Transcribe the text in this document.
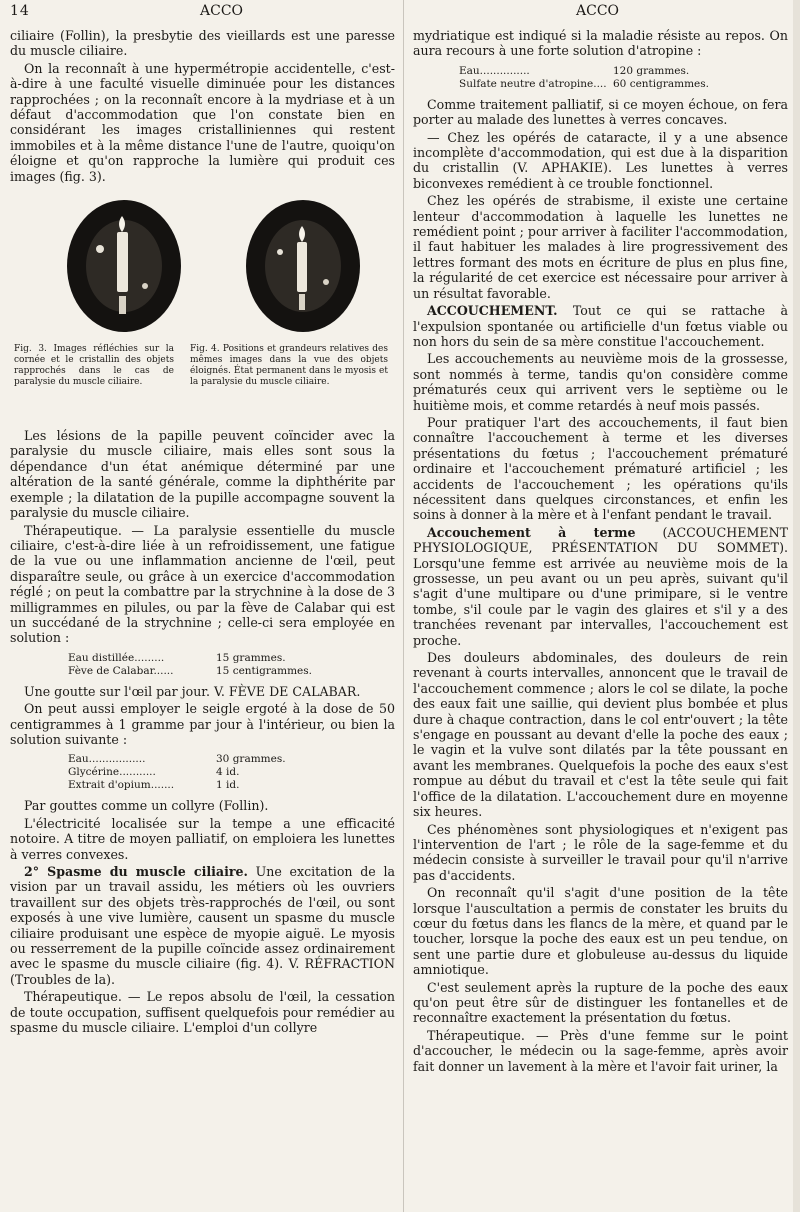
14	ACCO	ACCO

ciliaire (Follin), la presbytie des vieillards est une paresse du muscle ciliaire.

On la reconnaît à une hypermétropie accidentelle, c'est-à-dire à une faculté visuelle diminuée pour les distances rapprochées ; on la reconnaît encore à la mydriase et à un défaut d'accommodation que l'on constate bien en considérant les images cristalliniennes qui restent immobiles et à la même distance l'une de l'autre, quoiqu'on éloigne et qu'on rapproche la lumière qui produit ces images (fig. 3).

Fig. 3. Images réfléchies sur la cornée et le cristallin des objets rapprochés dans le cas de paralysie du muscle ciliaire.
Fig. 4. Positions et grandeurs relatives des mêmes images dans la vue des objets éloignés. État permanent dans le myosis et la paralysie du muscle ciliaire.

Les lésions de la papille peuvent coïncider avec la paralysie du muscle ciliaire, mais elles sont sous la dépendance d'un état anémique déterminé par une altération de la santé générale, comme la diphthérite par exemple ; la dilatation de la pupille accompagne souvent la paralysie du muscle ciliaire.

Thérapeutique. — La paralysie essentielle du muscle ciliaire, c'est-à-dire liée à un refroidissement, une fatigue de la vue ou une inflammation ancienne de l'œil, peut disparaître seule, ou grâce à un exercice d'accommodation réglé ; on peut la combattre par la strychnine à la dose de 3 milligrammes en pilules, ou par la fève de Calabar qui est un succédané de la strychnine ; celle-ci sera employée en solution :

Eau distillée.........	15 grammes.
Fève de Calabar......	15 centigrammes.

Une goutte sur l'œil par jour. V. FÈVE DE CALABAR.

On peut aussi employer le seigle ergoté à la dose de 50 centigrammes à 1 gramme par jour à l'intérieur, ou bien la solution suivante :

Eau.................	30 grammes.
Glycérine...........	4 id.
Extrait d'opium.......	1 id.

Par gouttes comme un collyre (Follin).

L'électricité localisée sur la tempe a une efficacité notoire. A titre de moyen palliatif, on emploiera les lunettes à verres convexes.

2° Spasme du muscle ciliaire. Une excitation de la vision par un travail assidu, les métiers où les ouvriers travaillent sur des objets très-rapprochés de l'œil, ou sont exposés à une vive lumière, causent un spasme du muscle ciliaire produisant une espèce de myopie aiguë. Le myosis ou resserrement de la pupille coïncide assez ordinairement avec le spasme du muscle ciliaire (fig. 4). V. RÉFRACTION (Troubles de la).

Thérapeutique. — Le repos absolu de l'œil, la cessation de toute occupation, suffisent quelquefois pour remédier au spasme du muscle ciliaire. L'emploi d'un collyre

mydriatique est indiqué si la maladie résiste au repos. On aura recours à une forte solution d'atropine :

Eau...............	120 grammes.
Sulfate neutre d'atropine.... 60 centigrammes.

Comme traitement palliatif, si ce moyen échoue, on fera porter au malade des lunettes à verres concaves.

— Chez les opérés de cataracte, il y a une absence incomplète d'accommodation, qui est due à la disparition du cristallin (V. APHAKIE). Les lunettes à verres biconvexes remédient à ce trouble fonctionnel.

Chez les opérés de strabisme, il existe une certaine lenteur d'accommodation à laquelle les lunettes ne remédient point ; pour arriver à faciliter l'accommodation, il faut habituer les malades à lire progressivement des lettres formant des mots en écriture de plus en plus fine, la régularité de cet exercice est nécessaire pour arriver à un résultat favorable.

ACCOUCHEMENT. Tout ce qui se rattache à l'expulsion spontanée ou artificielle d'un fœtus viable ou non hors du sein de sa mère constitue l'accouchement.

Les accouchements au neuvième mois de la grossesse, sont nommés à terme, tandis qu'on considère comme prématurés ceux qui arrivent vers le septième ou le huitième mois, et comme retardés à neuf mois passés.

Pour pratiquer l'art des accouchements, il faut bien connaître l'accouchement à terme et les diverses présentations du fœtus ; l'accouchement prématuré ordinaire et l'accouchement prématuré artificiel ; les accidents de l'accouchement ; les opérations qu'ils nécessitent dans quelques circonstances, et enfin les soins à donner à la mère et à l'enfant pendant le travail.

Accouchement à terme (ACCOUCHEMENT PHYSIOLOGIQUE, PRÉSENTATION DU SOMMET). Lorsqu'une femme est arrivée au neuvième mois de la grossesse, un peu avant ou un peu après, suivant qu'il s'agit d'une multipare ou d'une primipare, si le ventre tombe, s'il coule par le vagin des glaires et s'il y a des tranchées revenant par intervalles, l'accouchement est proche.

Des douleurs abdominales, des douleurs de rein revenant à courts intervalles, annoncent que le travail de l'accouchement commence ; alors le col se dilate, la poche des eaux fait une saillie, qui devient plus bombée et plus dure à chaque contraction, dans le col entr'ouvert ; la tête s'engage en poussant au devant d'elle la poche des eaux ; le vagin et la vulve sont dilatés par la tête poussant en avant les membranes. Quelquefois la poche des eaux s'est rompue au début du travail et c'est la tête seule qui fait l'office de la dilatation. L'accouchement dure en moyenne six heures.

Ces phénomènes sont physiologiques et n'exigent pas l'intervention de l'art ; le rôle de la sage-femme et du médecin consiste à surveiller le travail pour qu'il n'arrive pas d'accidents.

On reconnaît qu'il s'agit d'une position de la tête lorsque l'auscultation a permis de constater les bruits du cœur du fœtus dans les flancs de la mère, et quand par le toucher, lorsque la poche des eaux est un peu tendue, on sent une partie dure et globuleuse au-dessus du liquide amniotique.

C'est seulement après la rupture de la poche des eaux qu'on peut être sûr de distinguer les fontanelles et de reconnaître exactement la présentation du fœtus.

Thérapeutique. — Près d'une femme sur le point d'accoucher, le médecin ou la sage-femme, après avoir fait donner un lavement à la mère et l'avoir fait uriner, la
